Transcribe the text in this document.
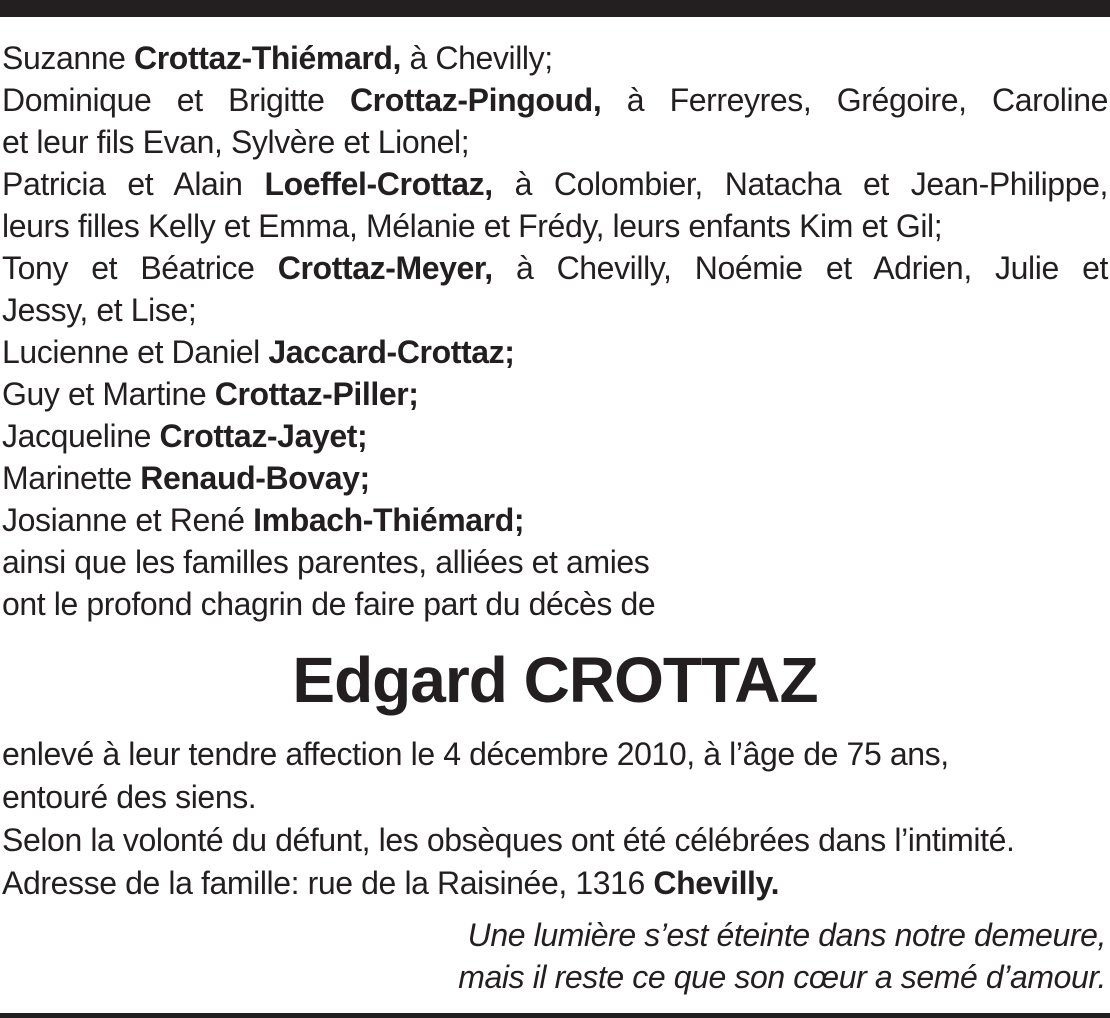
Suzanne Crottaz-Thiémard, à Chevilly;
Dominique et Brigitte Crottaz-Pingoud, à Ferreyres, Grégoire, Caroline
et leur fils Evan, Sylvère et Lionel;
Patricia et Alain Loeffel-Crottaz, à Colombier, Natacha et Jean-Philippe,
leurs filles Kelly et Emma, Mélanie et Frédy, leurs enfants Kim et Gil;
Tony et Béatrice Crottaz-Meyer, à Chevilly, Noémie et Adrien, Julie et
Jessy, et Lise;
Lucienne et Daniel Jaccard-Crottaz;
Guy et Martine Crottaz-Piller;
Jacqueline Crottaz-Jayet;
Marinette Renaud-Bovay;
Josianne et René Imbach-Thiémard;
ainsi que les familles parentes, alliées et amies
ont le profond chagrin de faire part du décès de
Edgard CROTTAZ
enlevé à leur tendre affection le 4 décembre 2010, à l’âge de 75 ans,
entouré des siens.
Selon la volonté du défunt, les obsèques ont été célébrées dans l’intimité.
Adresse de la famille: rue de la Raisinée, 1316 Chevilly.
Une lumière s’est éteinte dans notre demeure,
mais il reste ce que son cœur a semé d’amour.
